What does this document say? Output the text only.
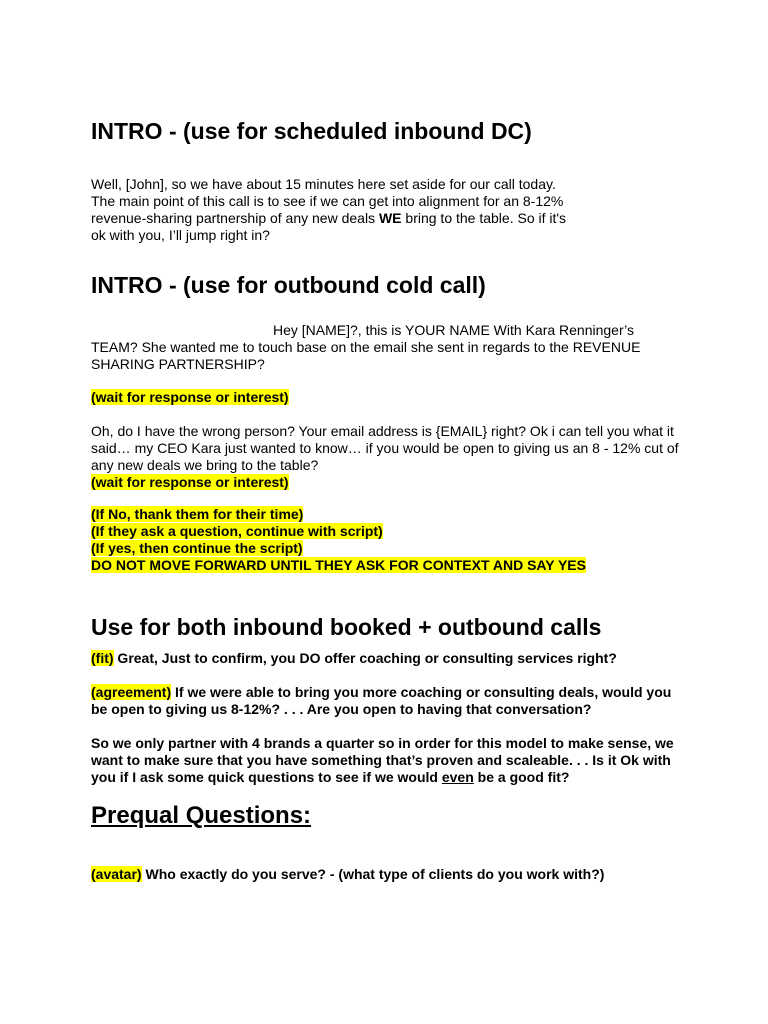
INTRO - (use for scheduled inbound DC)
Well, [John], so we have about 15 minutes here set aside for our call today.
The main point of this call is to see if we can get into alignment for an 8-12%
revenue-sharing partnership of any new deals WE bring to the table. So if it's
ok with you, I’ll jump right in?
INTRO - (use for outbound cold call)
Hey [NAME]?, this is YOUR NAME With Kara Renninger’s
TEAM? She wanted me to touch base on the email she sent in regards to the REVENUE
SHARING PARTNERSHIP?
(wait for response or interest)
Oh, do I have the wrong person? Your email address is {EMAIL} right? Ok i can tell you what it
said… my CEO Kara just wanted to know… if you would be open to giving us an 8 - 12% cut of
any new deals we bring to the table?
(wait for response or interest)
(If No, thank them for their time)
(If they ask a question, continue with script)
(If yes, then continue the script)
DO NOT MOVE FORWARD UNTIL THEY ASK FOR CONTEXT AND SAY YES
Use for both inbound booked + outbound calls
(fit) Great, Just to confirm, you DO offer coaching or consulting services right?
(agreement) If we were able to bring you more coaching or consulting deals, would you
be open to giving us 8-12%? . . . Are you open to having that conversation?
So we only partner with 4 brands a quarter so in order for this model to make sense, we
want to make sure that you have something that’s proven and scaleable. . . Is it Ok with
you if I ask some quick questions to see if we would even be a good fit?
Prequal Questions:
(avatar) Who exactly do you serve? - (what type of clients do you work with?)
